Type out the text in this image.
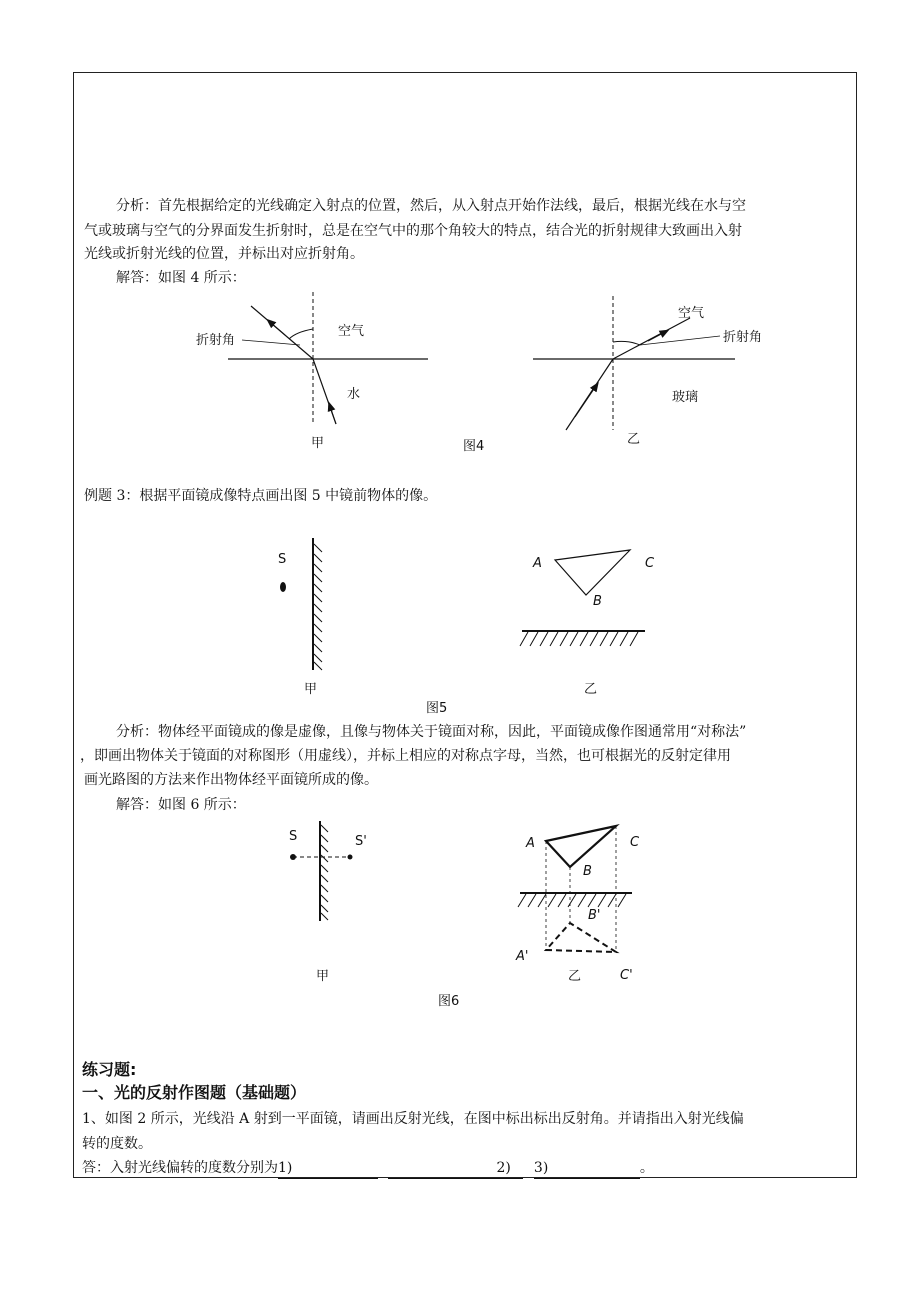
分析：首先根据给定的光线确定入射点的位置，然后，从入射点开始作法线，最后，根据光线在水与空
气或玻璃与空气的分界面发生折射时，总是在空气中的那个角较大的特点，结合光的折射规律大致画出入射
光线或折射光线的位置，并标出对应折射角。
解答：如图 4 所示：
空气
折射角
水
甲	图4
空气
折射角
玻璃
乙
例题 3：根据平面镜成像特点画出图 5 中镜前物体的像。
S
甲
A	C
B
乙
图5
分析：物体经平面镜成的像是虚像，且像与物体关于镜面对称，因此，平面镜成像作图通常用“对称法”
，即画出物体关于镜面的对称图形（用虚线），并标上相应的对称点字母，当然，也可根据光的反射定律用
画光路图的方法来作出物体经平面镜所成的像。
解答：如图 6 所示：
S	S'
甲
A	C
B
B'
A'
C'
乙
图6
练习题:
一、光的反射作图题（基础题）
1、如图 2 所示，光线沿 A 射到一平面镜，请画出反射光线，在图中标出标出反射角。并请指出入射光线偏
转的度数。
答：入射光线偏转的度数分别为1)	2) 3)	。
